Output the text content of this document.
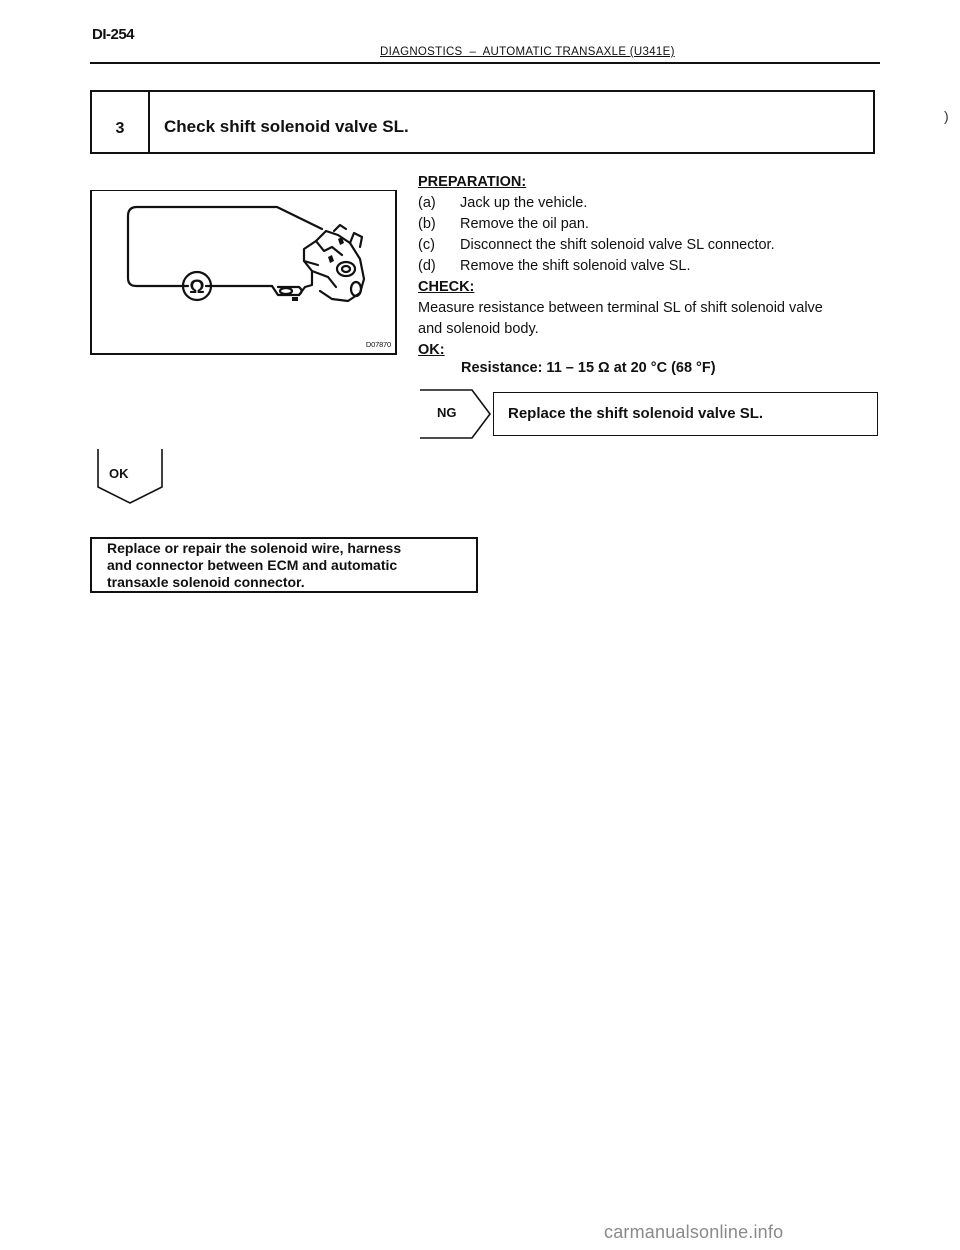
DI-254
DIAGNOSTICS  –  AUTOMATIC TRANSAXLE (U341E)
3	Check shift solenoid valve SL.
Ω
D07870
PREPARATION:
(a) Jack up the vehicle.
(b) Remove the oil pan.
(c) Disconnect the shift solenoid valve SL connector.
(d) Remove the shift solenoid valve SL.
CHECK:
Measure resistance between terminal SL of shift solenoid valve
and solenoid body.
OK:
Resistance: 11 – 15 Ω at 20 °C (68 °F)
NG	Replace the shift solenoid valve SL.
OK
Replace or repair the solenoid wire, harness
and connector between ECM and automatic
transaxle solenoid connector.
)
carmanualsonline.info
